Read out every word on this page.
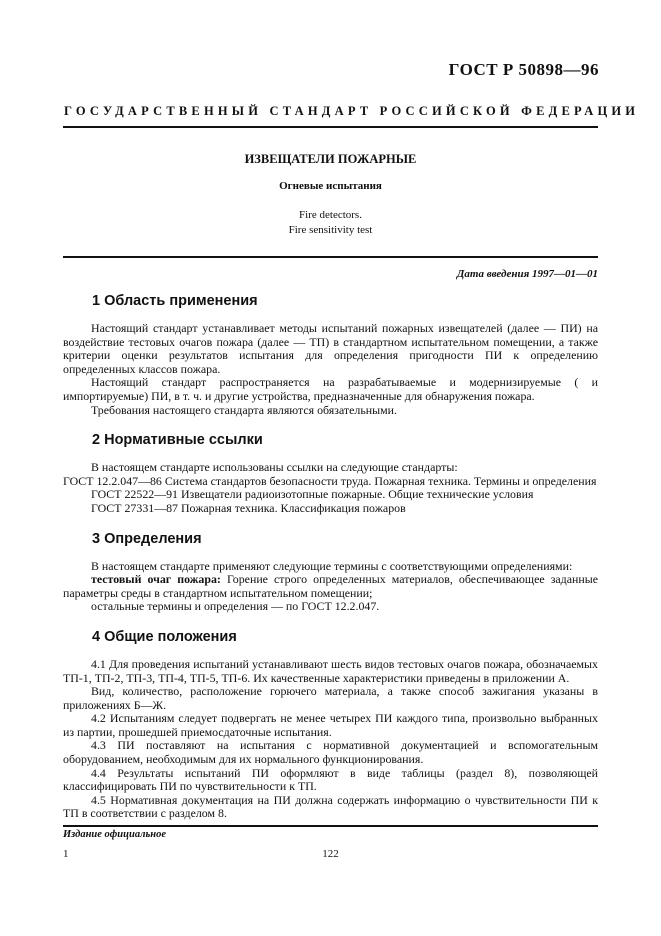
ГОСТ Р 50898—96
ГОСУДАРСТВЕННЫЙ СТАНДАРТ РОССИЙСКОЙ ФЕДЕРАЦИИ
ИЗВЕЩАТЕЛИ ПОЖАРНЫЕ
Огневые испытания
Fire detectors.
Fire sensitivity test
Дата введения 1997—01—01
1 Область применения

Настоящий стандарт устанавливает методы испытаний пожарных извещателей (далее — ПИ) на воздействие тестовых очагов пожара (далее — ТП) в стандартном испытательном помещении, а также критерии оценки результатов испытания для определения пригодности ПИ к определению определенных классов пожара.

Настоящий стандарт распространяется на разрабатываемые и модернизируемые ( и импортируемые) ПИ, в т. ч. и другие устройства, предназначенные для обнаружения пожара.

Требования настоящего стандарта являются обязательными.

2 Нормативные ссылки

В настоящем стандарте использованы ссылки на следующие стандарты:

ГОСТ 12.2.047—86 Система стандартов безопасности труда. Пожарная техника. Термины и определения

ГОСТ 22522—91 Извещатели радиоизотопные пожарные. Общие технические условия

ГОСТ 27331—87 Пожарная техника. Классификация пожаров

3 Определения

В настоящем стандарте применяют следующие термины с соответствующими определениями:

тестовый очаг пожара: Горение строго определенных материалов, обеспечивающее заданные параметры среды в стандартном испытательном помещении;

остальные термины и определения — по ГОСТ 12.2.047.

4 Общие положения

4.1 Для проведения испытаний устанавливают шесть видов тестовых очагов пожара, обозначаемых ТП-1, ТП-2, ТП-3, ТП-4, ТП-5, ТП-6. Их качественные характеристики приведены в приложении А.

Вид, количество, расположение горючего материала, а также способ зажигания указаны в приложениях Б—Ж.

4.2 Испытаниям следует подвергать не менее четырех ПИ каждого типа, произвольно выбранных из партии, прошедшей приемосдаточные испытания.

4.3 ПИ поставляют на испытания с нормативной документацией и вспомогательным оборудованием, необходимым для их нормального функционирования.

4.4 Результаты испытаний ПИ оформляют в виде таблицы (раздел 8), позволяющей классифицировать ПИ по чувствительности к ТП.

4.5 Нормативная документация на ПИ должна содержать информацию о чувствительности ПИ к ТП в соответствии с разделом 8.

Издание официальное
1	122
